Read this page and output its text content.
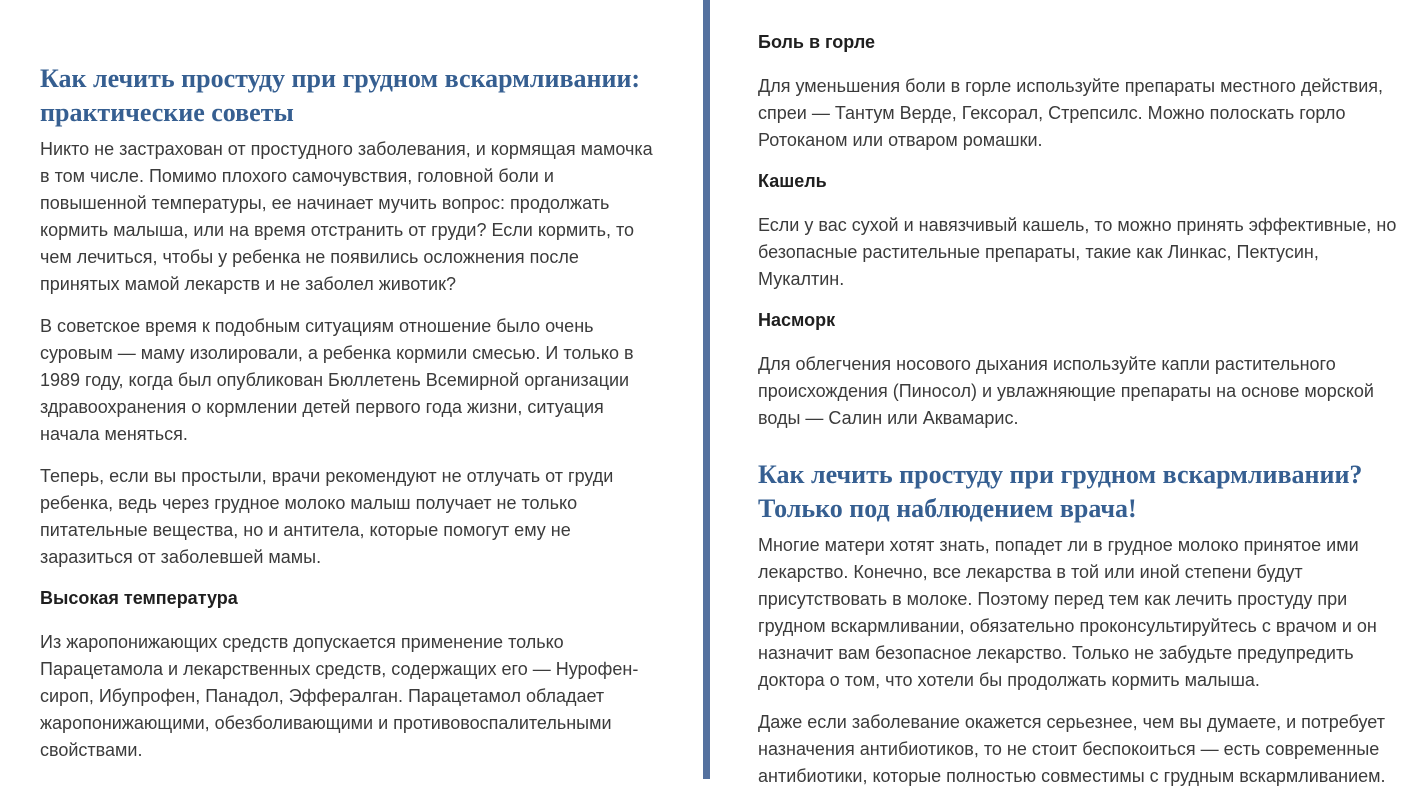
Как лечить простуду при грудном вскармливании: практические советы

Никто не застрахован от простудного заболевания, и кормящая мамочка в том числе. Помимо плохого самочувствия, головной боли и повышенной температуры, ее начинает мучить вопрос: продолжать кормить малыша, или на время отстранить от груди? Если кормить, то чем лечиться, чтобы у ребенка не появились осложнения после принятых мамой лекарств и не заболел животик?

В советское время к подобным ситуациям отношение было очень суровым — маму изолировали, а ребенка кормили смесью. И только в 1989 году, когда был опубликован Бюллетень Всемирной организации здравоохранения о кормлении детей первого года жизни, ситуация начала меняться.

Теперь, если вы простыли, врачи рекомендуют не отлучать от груди ребенка, ведь через грудное молоко малыш получает не только питательные вещества, но и антитела, которые помогут ему не заразиться от заболевшей мамы.

Высокая температура

Из жаропонижающих средств допускается применение только Парацетамола и лекарственных средств, содержащих его — Нурофен-сироп, Ибупрофен, Панадол, Эффералган. Парацетамол обладает жаропонижающими, обезболивающими и противовоспалительными свойствами.

Боль в горле

Для уменьшения боли в горле используйте препараты местного действия, спреи — Тантум Верде, Гексорал, Стрепсилс. Можно полоскать горло Ротоканом или отваром ромашки.

Кашель

Если у вас сухой и навязчивый кашель, то можно принять эффективные, но безопасные растительные препараты, такие как Линкас, Пектусин, Мукалтин.

Насморк

Для облегчения носового дыхания используйте капли растительного происхождения (Пиносол) и увлажняющие препараты на основе морской воды — Салин или Аквамарис.

Как лечить простуду при грудном вскармливании? Только под наблюдением врача!

Многие матери хотят знать, попадет ли в грудное молоко принятое ими лекарство. Конечно, все лекарства в той или иной степени будут присутствовать в молоке. Поэтому перед тем как лечить простуду при грудном вскармливании, обязательно проконсультируйтесь с врачом и он назначит вам безопасное лекарство. Только не забудьте предупредить доктора о том, что хотели бы продолжать кормить малыша.

Даже если заболевание окажется серьезнее, чем вы думаете, и потребует назначения антибиотиков, то не стоит беспокоиться — есть современные антибиотики, которые полностью совместимы с грудным вскармливанием.
